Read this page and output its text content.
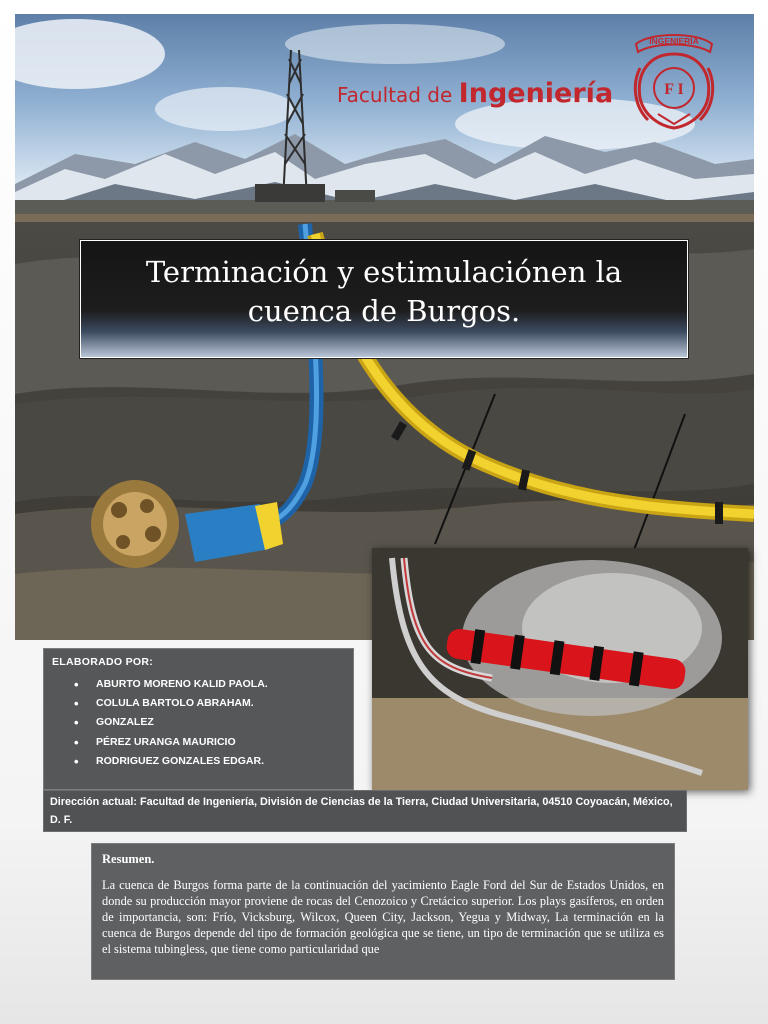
Facultad de Ingeniería
INGENIERIA
F I
Terminación y estimulaciónen la
cuenca de Burgos.
ELABORADO POR:
• ABURTO MORENO KALID PAOLA.
• COLULA BARTOLO ABRAHAM.
• GONZALEZ
• PÉREZ URANGA MAURICIO
• RODRIGUEZ GONZALES EDGAR.
Dirección actual: Facultad de Ingeniería, División de Ciencias de la Tierra, Ciudad Universitaria, 04510 Coyoacán, México, D. F.
Resumen.
La cuenca de Burgos forma parte de la continuación del yacimiento Eagle Ford del Sur de Estados Unidos, en donde su producción mayor proviene de rocas del Cenozoico y Cretácico superior. Los plays gasíferos, en orden de importancia, son: Frío, Vicksburg, Wilcox, Queen City, Jackson, Yegua y Midway, La terminación en la cuenca de Burgos depende del tipo de formación geológica que se tiene, un tipo de terminación que se utiliza es el sistema tubingless, que tiene como particularidad que
